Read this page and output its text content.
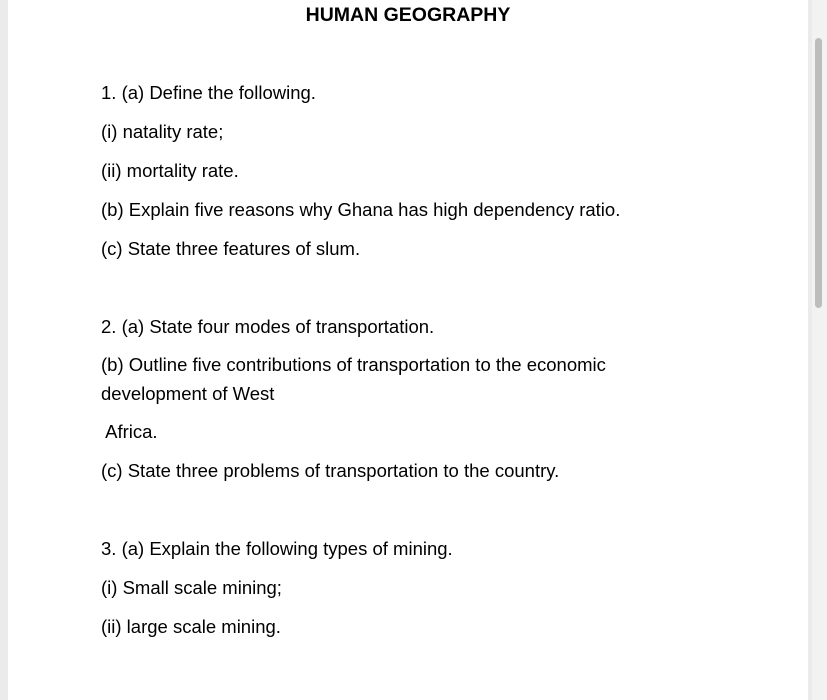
HUMAN GEOGRAPHY
1. (a) Define the following.
(i) natality rate;
(ii) mortality rate.
(b) Explain five reasons why Ghana has high dependency ratio.
(c) State three features of slum.
2. (a) State four modes of transportation.
(b) Outline five contributions of transportation to the economic
development of West
Africa.
(c) State three problems of transportation to the country.
3. (a) Explain the following types of mining.
(i) Small scale mining;
(ii) large scale mining.
